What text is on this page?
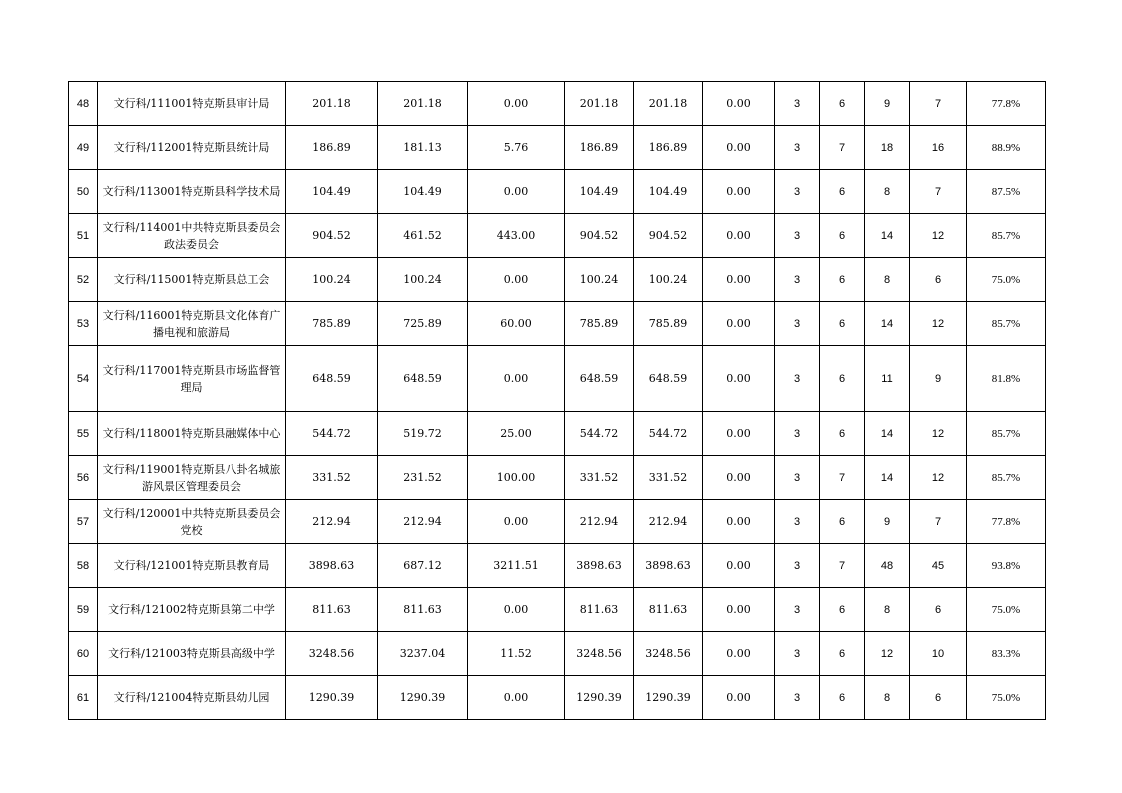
48	文行科/111001特克斯县审计局	201.18	201.18	0.00	201.18	201.18	0.00	3	6	9	7	77.8%
49	文行科/112001特克斯县统计局	186.89	181.13	5.76	186.89	186.89	0.00	3	7	18	16	88.9%
50	文行科/113001特克斯县科学技术局	104.49	104.49	0.00	104.49	104.49	0.00	3	6	8	7	87.5%
51	文行科/114001中共特克斯县委员会政法委员会	904.52	461.52	443.00	904.52	904.52	0.00	3	6	14	12	85.7%
52	文行科/115001特克斯县总工会	100.24	100.24	0.00	100.24	100.24	0.00	3	6	8	6	75.0%
53	文行科/116001特克斯县文化体育广播电视和旅游局	785.89	725.89	60.00	785.89	785.89	0.00	3	6	14	12	85.7%
54	文行科/117001特克斯县市场监督管理局	648.59	648.59	0.00	648.59	648.59	0.00	3	6	11	9	81.8%
55	文行科/118001特克斯县融媒体中心	544.72	519.72	25.00	544.72	544.72	0.00	3	6	14	12	85.7%
56	文行科/119001特克斯县八卦名城旅游风景区管理委员会	331.52	231.52	100.00	331.52	331.52	0.00	3	7	14	12	85.7%
57	文行科/120001中共特克斯县委员会党校	212.94	212.94	0.00	212.94	212.94	0.00	3	6	9	7	77.8%
58	文行科/121001特克斯县教育局	3898.63	687.12	3211.51	3898.63	3898.63	0.00	3	7	48	45	93.8%
59	文行科/121002特克斯县第二中学	811.63	811.63	0.00	811.63	811.63	0.00	3	6	8	6	75.0%
60	文行科/121003特克斯县高级中学	3248.56	3237.04	11.52	3248.56	3248.56	0.00	3	6	12	10	83.3%
61	文行科/121004特克斯县幼儿园	1290.39	1290.39	0.00	1290.39	1290.39	0.00	3	6	8	6	75.0%
